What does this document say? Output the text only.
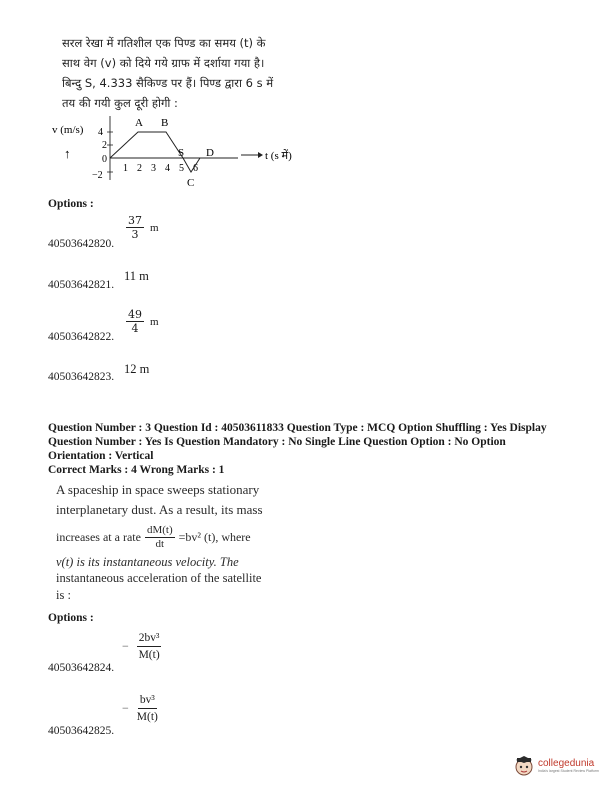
सरल रेखा में गतिशील एक पिण्ड का समय (t) के
साथ वेग (v) को दिये गये ग्राफ में दर्शाया गया है।
बिन्दु S, 4.333 सैकिण्ड पर हैं। पिण्ड द्वारा 6 s में
तय की गयी कुल दूरी होगी :
v (m/s)
↑
4
2
0
−2
1 2 3 4 5 6
A B
S D
C
t (s में)
Options :
40503642820.
$\frac{37}{3}$ m
40503642821.
11 m
40503642822.
$\frac{49}{4}$ m
40503642823.
12 m
Question Number : 3 Question Id : 40503611833 Question Type : MCQ Option Shuffling : Yes Display
Question Number : Yes Is Question Mandatory : No Single Line Question Option : No Option
Orientation : Vertical
Correct Marks : 4 Wrong Marks : 1
A spaceship in space sweeps stationary
interplanetary dust. As a result, its mass
increases at a rate $\frac{dM(t)}{dt} =bv^2$ (t), where
v(t) is its instantaneous velocity. The
instantaneous acceleration of the satellite
is :
Options :
40503642824.
− $\frac{\text{2bv³}}{M(t)}$
40503642825.
− $\frac{\text{bv³}}{M(t)}$
collegedunia
India's largest Student Review Platform
